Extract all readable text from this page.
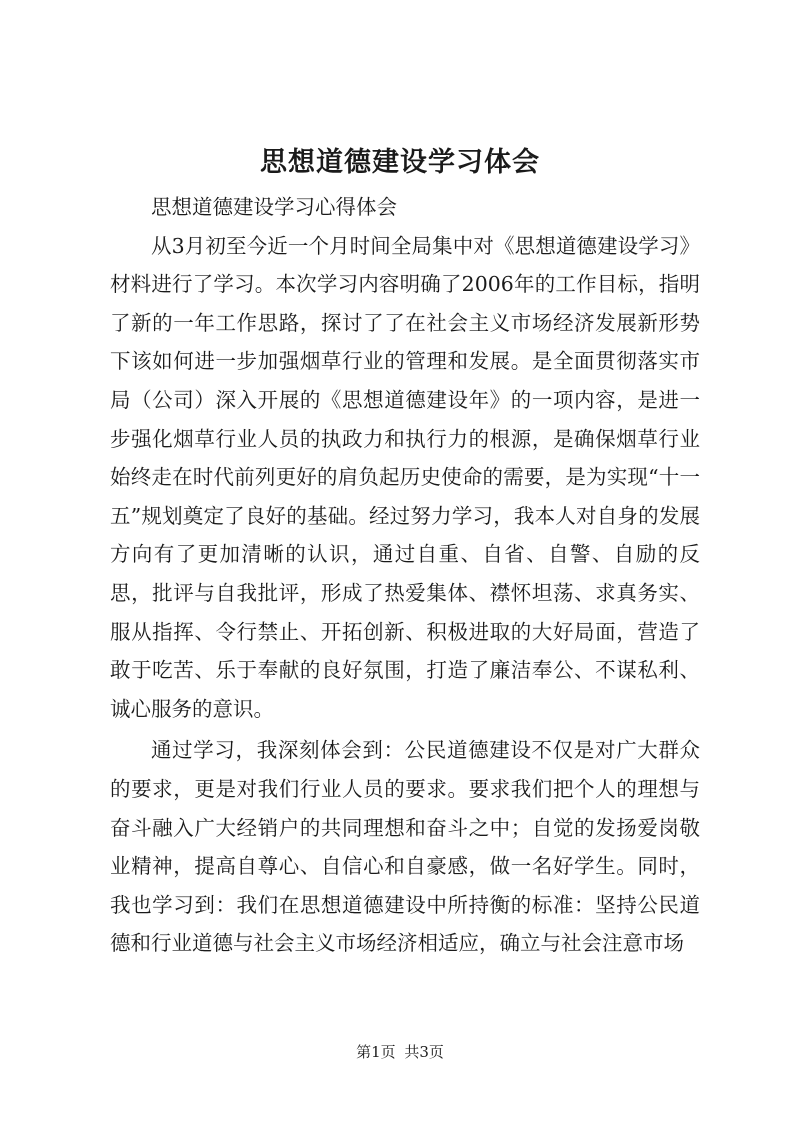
思想道德建设学习体会

思想道德建设学习心得体会

从3月初至今近一个月时间全局集中对《思想道德建设学习》材料进行了学习。本次学习内容明确了2006年的工作目标，指明了新的一年工作思路，探讨了了在社会主义市场经济发展新形势下该如何进一步加强烟草行业的管理和发展。是全面贯彻落实市局（公司）深入开展的《思想道德建设年》的一项内容，是进一步强化烟草行业人员的执政力和执行力的根源，是确保烟草行业始终走在时代前列更好的肩负起历史使命的需要，是为实现“十一五”规划奠定了良好的基础。经过努力学习，我本人对自身的发展方向有了更加清晰的认识，通过自重、自省、自警、自励的反思，批评与自我批评，形成了热爱集体、襟怀坦荡、求真务实、服从指挥、令行禁止、开拓创新、积极进取的大好局面，营造了敢于吃苦、乐于奉献的良好氛围，打造了廉洁奉公、不谋私利、诚心服务的意识。

通过学习，我深刻体会到：公民道德建设不仅是对广大群众的要求，更是对我们行业人员的要求。要求我们把个人的理想与奋斗融入广大经销户的共同理想和奋斗之中；自觉的发扬爱岗敬业精神，提高自尊心、自信心和自豪感，做一名好学生。同时，我也学习到：我们在思想道德建设中所持衡的标准：坚持公民道德和行业道德与社会主义市场经济相适应，确立与社会注意市场

第1页 共3页
